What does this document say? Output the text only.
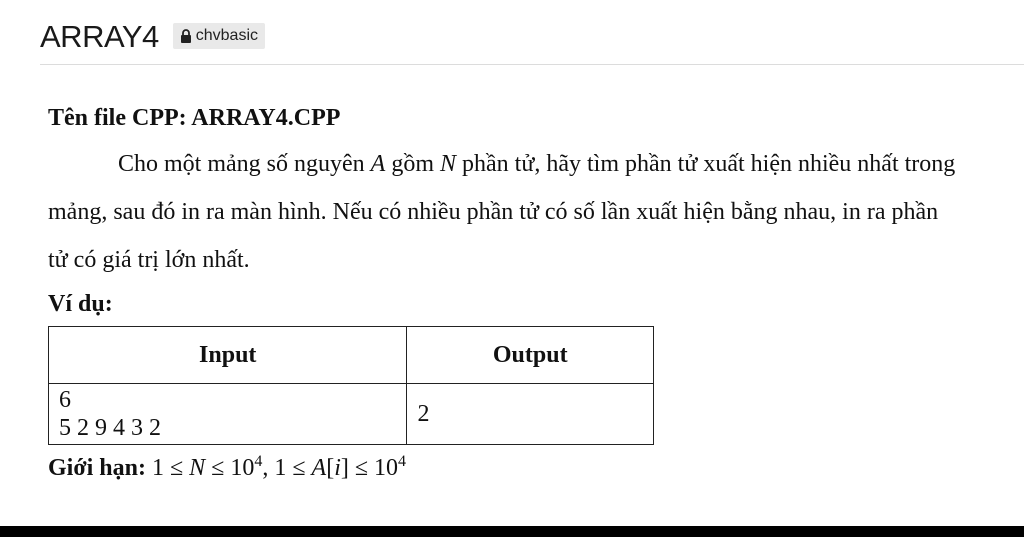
ARRAY4 chvbasic
Tên file CPP: ARRAY4.CPP
Cho một mảng số nguyên A gồm N phần tử, hãy tìm phần tử xuất hiện nhiều nhất trong mảng, sau đó in ra màn hình. Nếu có nhiều phần tử có số lần xuất hiện bằng nhau, in ra phần tử có giá trị lớn nhất.
Ví dụ:
Input	Output

6
5 2 9 4 3 2	2
Giới hạn: $1 \le N \le 10^4$, $1 \le A[i] \le 10^4$
